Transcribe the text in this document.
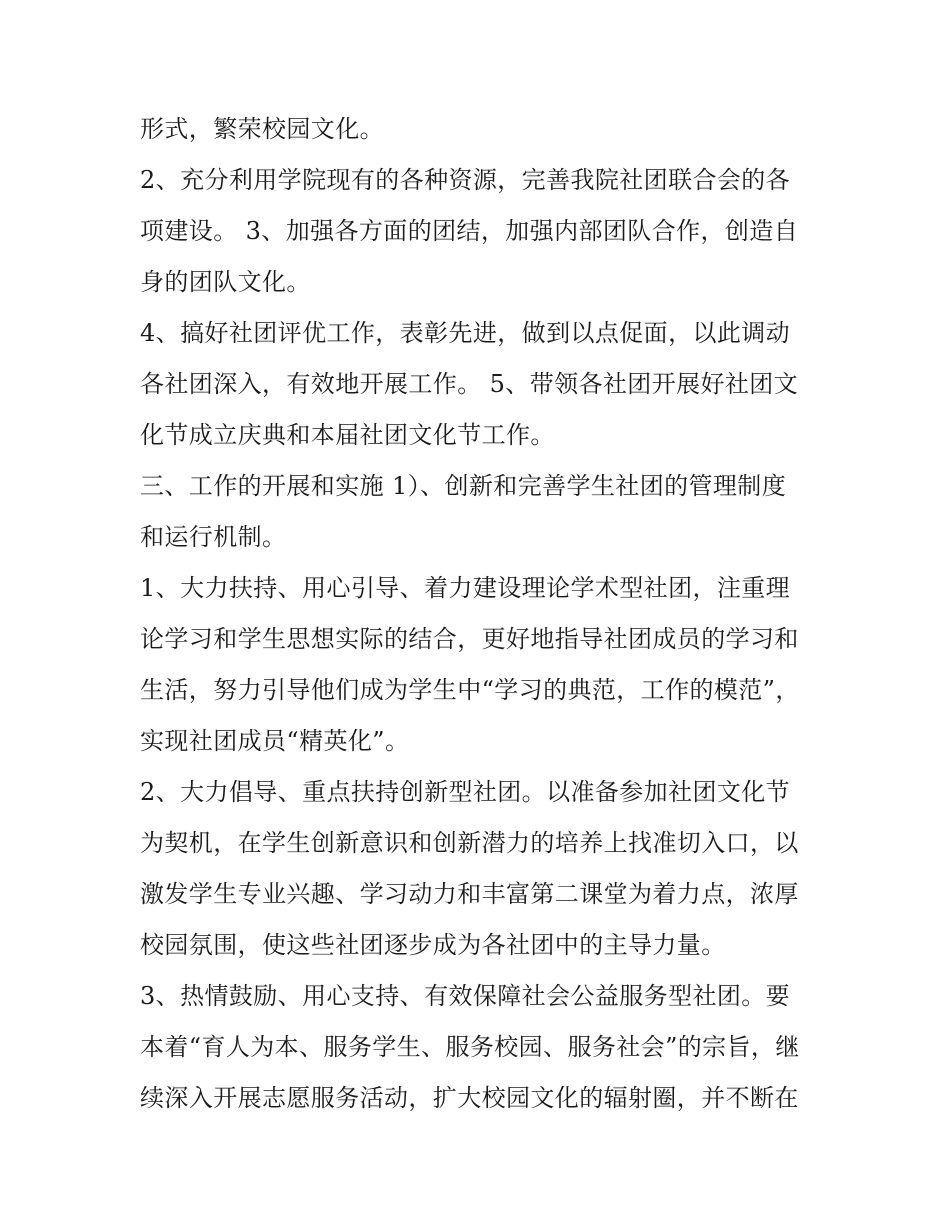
形式，繁荣校园文化。
2、充分利用学院现有的各种资源，完善我院社团联合会的各
项建设。 3、加强各方面的团结，加强内部团队合作，创造自
身的团队文化。
4、搞好社团评优工作，表彰先进，做到以点促面，以此调动
各社团深入，有效地开展工作。 5、带领各社团开展好社团文
化节成立庆典和本届社团文化节工作。
三、工作的开展和实施 1）、创新和完善学生社团的管理制度
和运行机制。
1、大力扶持、用心引导、着力建设理论学术型社团，注重理
论学习和学生思想实际的结合，更好地指导社团成员的学习和
生活，努力引导他们成为学生中“学习的典范，工作的模范”，
实现社团成员“精英化”。
2、大力倡导、重点扶持创新型社团。以准备参加社团文化节
为契机，在学生创新意识和创新潜力的培养上找准切入口，以
激发学生专业兴趣、学习动力和丰富第二课堂为着力点，浓厚
校园氛围，使这些社团逐步成为各社团中的主导力量。
3、热情鼓励、用心支持、有效保障社会公益服务型社团。要
本着“育人为本、服务学生、服务校园、服务社会”的宗旨，继
续深入开展志愿服务活动，扩大校园文化的辐射圈，并不断在
